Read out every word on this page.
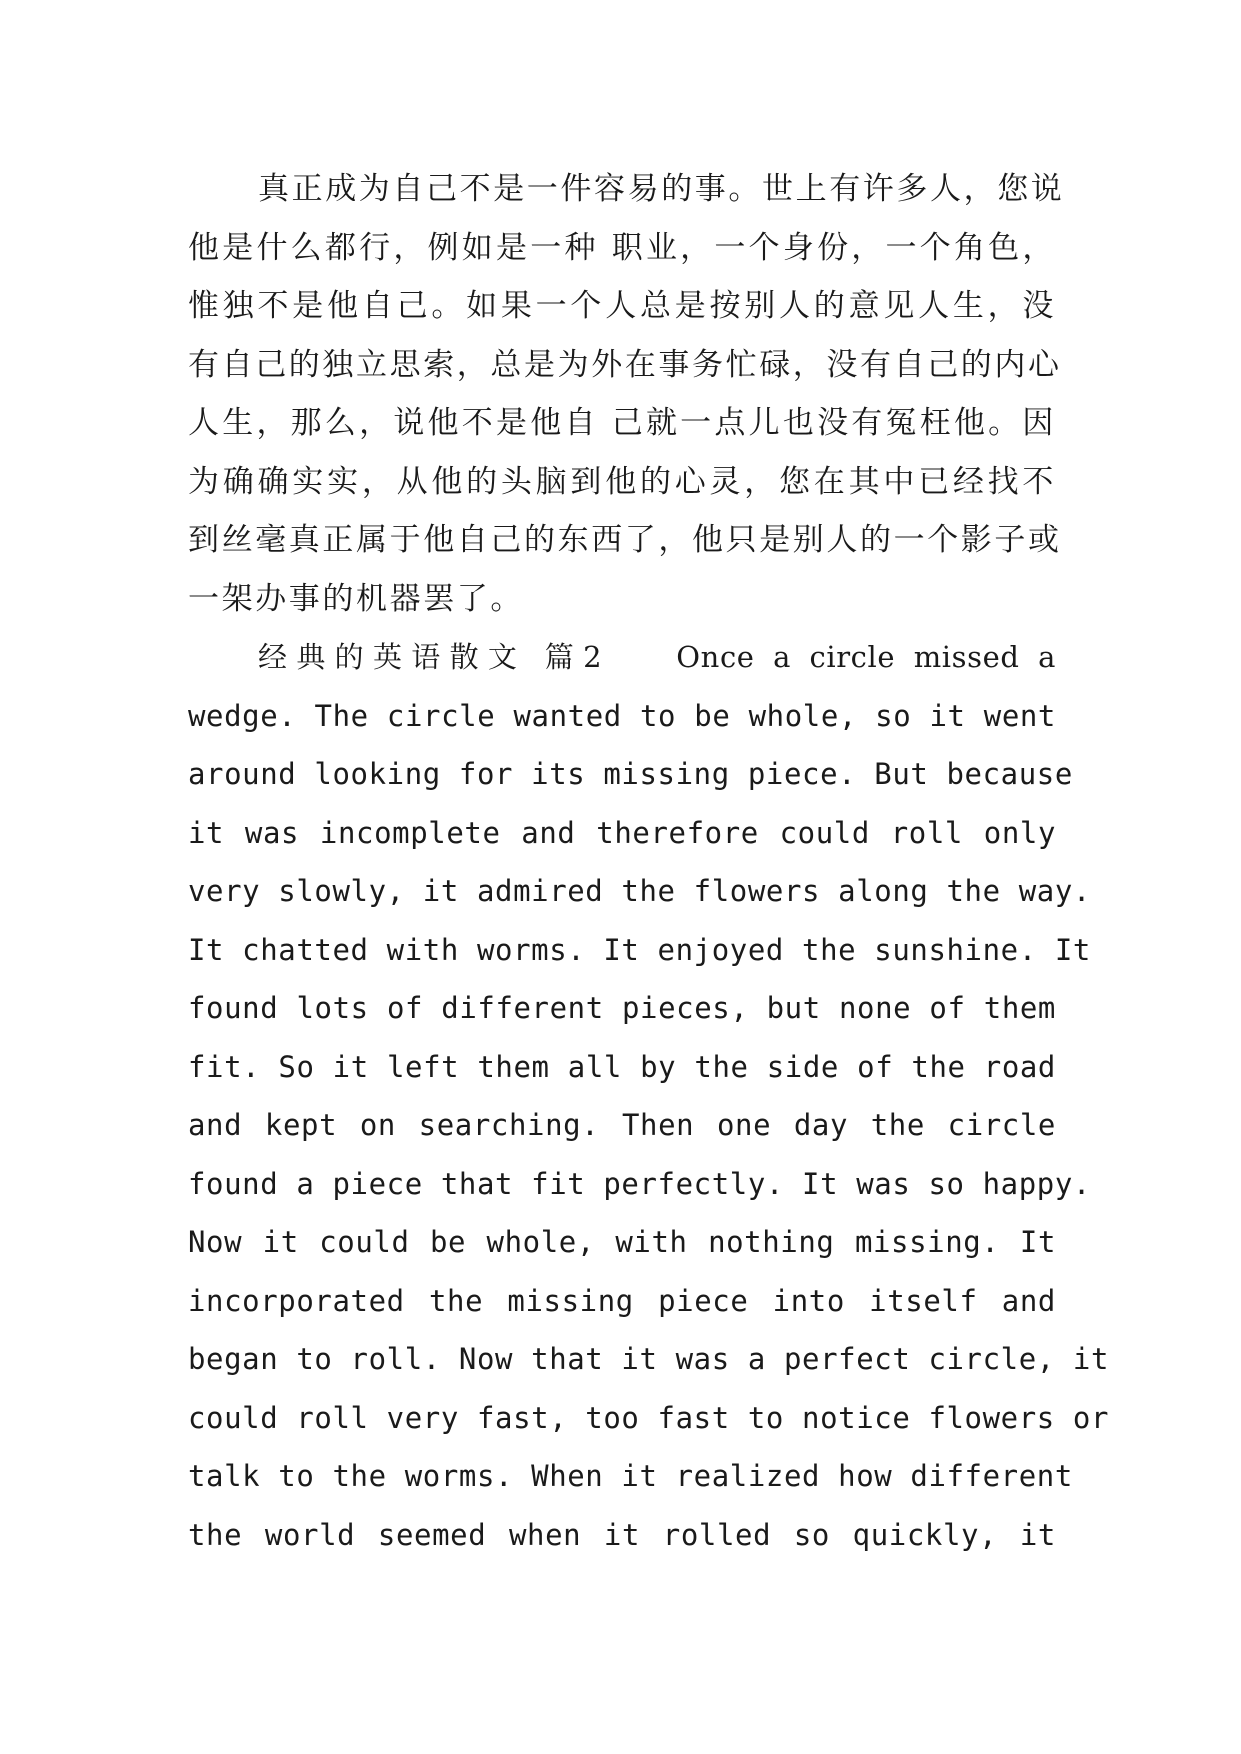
真正成为自己不是一件容易的事。世上有许多人，您说
他是什么都行，例如是一种 职业，一个身份，一个角色，
惟独不是他自己。如果一个人总是按别人的意见人生，没
有自己的独立思索，总是为外在事务忙碌，没有自己的内心
人生，那么，说他不是他自 己就一点儿也没有冤枉他。因
为确确实实，从他的头脑到他的心灵，您在其中已经找不
到丝毫真正属于他自己的东西了，他只是别人的一个影子或
一架办事的机器罢了。
经典的英语散文 篇2    Once a circle missed a
wedge. The circle wanted to be whole, so it went
around looking for its missing piece. But because
it was incomplete and therefore could roll only
very slowly, it admired the flowers along the way.
It chatted with worms. It enjoyed the sunshine. It
found lots of different pieces, but none of them
fit. So it left them all by the side of the road
and kept on searching. Then one day the circle
found a piece that fit perfectly. It was so happy.
Now it could be whole, with nothing missing. It
incorporated the missing piece into itself and
began to roll. Now that it was a perfect circle, it
could roll very fast, too fast to notice flowers or
talk to the worms. When it realized how different
the world seemed when it rolled so quickly, it
